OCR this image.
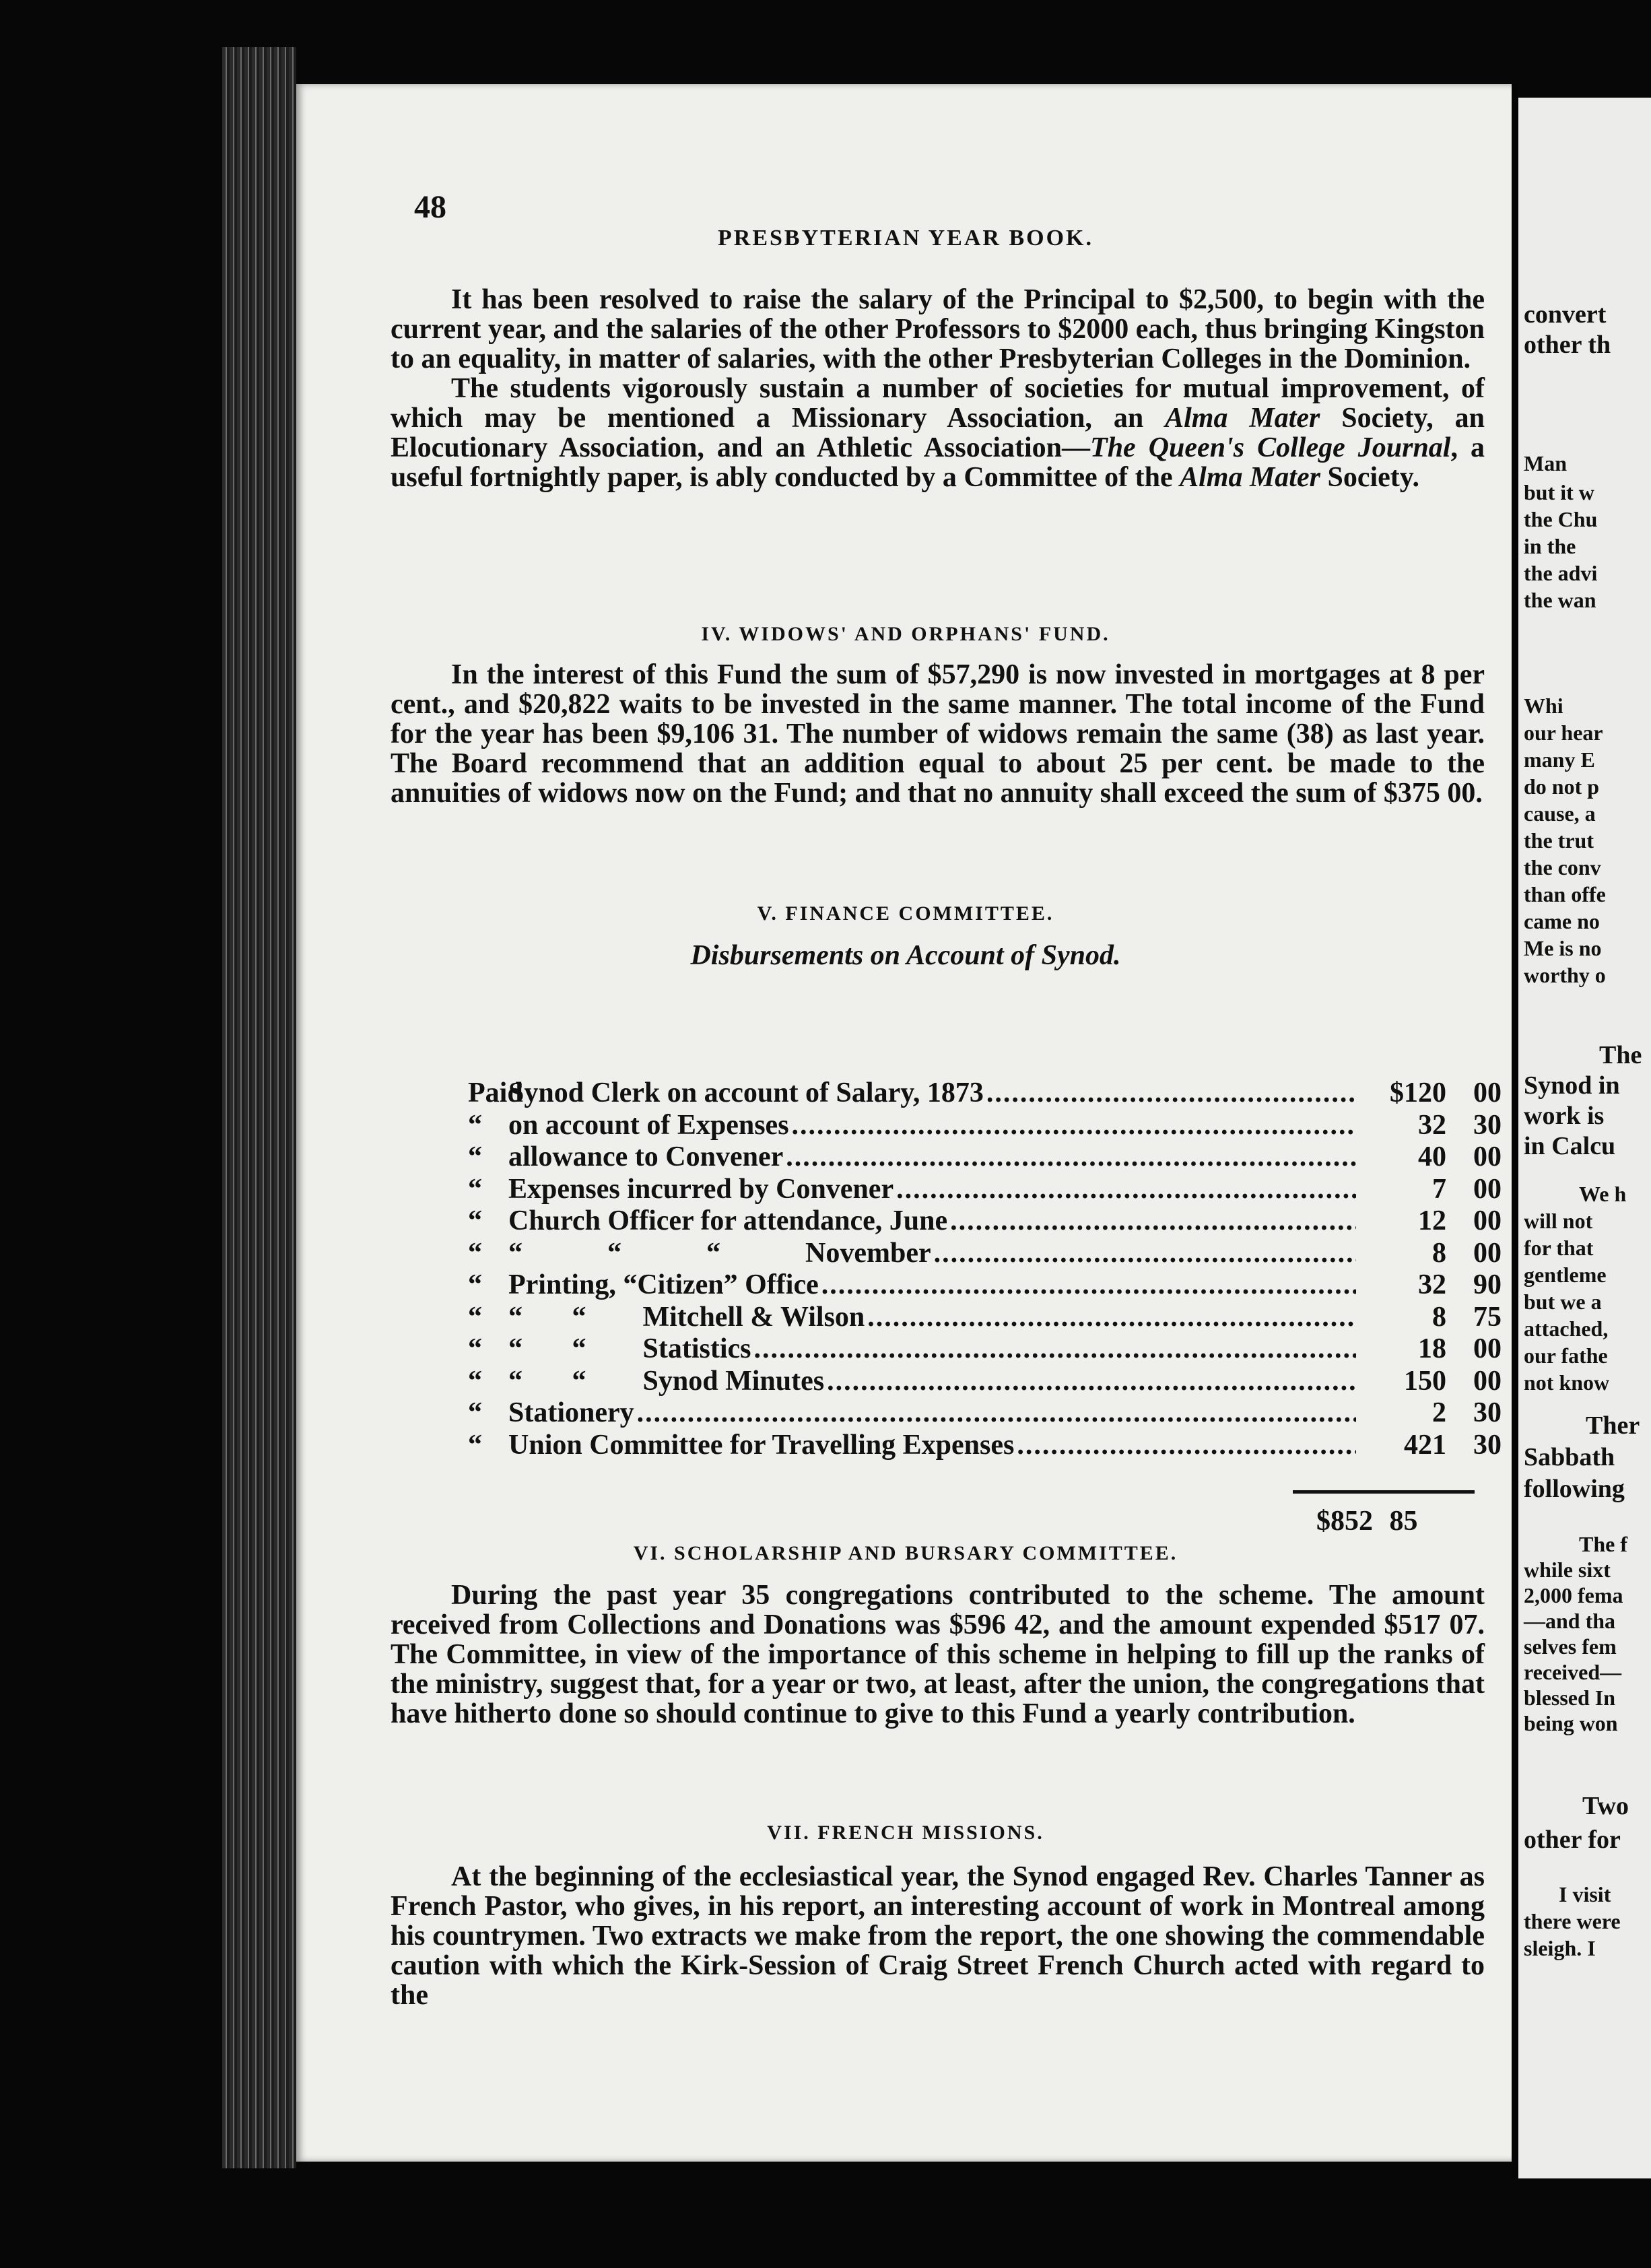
48
PRESBYTERIAN YEAR BOOK.

It has been resolved to raise the salary of the Principal to $2,500, to begin with the current year, and the salaries of the other Professors to $2000 each, thus bringing Kingston to an equality, in matter of salaries, with the other Presbyterian Colleges in the Dominion.

The students vigorously sustain a number of societies for mutual improvement, of which may be mentioned a Missionary Association, an Alma Mater Society, an Elocutionary Association, and an Athletic Association—The Queen's College Journal, a useful fortnightly paper, is ably conducted by a Committee of the Alma Mater Society.

IV. WIDOWS' AND ORPHANS' FUND.

In the interest of this Fund the sum of $57,290 is now invested in mortgages at 8 per cent., and $20,822 waits to be invested in the same manner. The total income of the Fund for the year has been $9,106 31. The number of widows remain the same (38) as last year. The Board recommend that an addition equal to about 25 per cent. be made to the annuities of widows now on the Fund; and that no annuity shall exceed the sum of $375 00.

V. FINANCE COMMITTEE.
Disbursements on Account of Synod.
Paid
Synod Clerk on account of Salary, 1873 .....	$120 00
“ on account of Expenses .....	32 30
“ allowance to Convener .....	40 00
“ Expenses incurred by Convener .....	7 00
“ Church Officer for attendance, June .....	12 00
“ “            “            “            November .....	8 00
“ Printing, “Citizen” Office .....	32 90
“ “       “        Mitchell & Wilson .....	8 75
“ “       “        Statistics .....	18 00
“ “       “        Synod Minutes .....	150 00
“ Stationery .....	2 30
“ Union Committee for Travelling Expenses .....	421 30
$852 85
VI. SCHOLARSHIP AND BURSARY COMMITTEE.

During the past year 35 congregations contributed to the scheme. The amount received from Collections and Donations was $596 42, and the amount expended $517 07. The Committee, in view of the importance of this scheme in helping to fill up the ranks of the ministry, suggest that, for a year or two, at least, after the union, the congregations that have hitherto done so should continue to give to this Fund a yearly contribution.

VII. FRENCH MISSIONS.

At the beginning of the ecclesiastical year, the Synod engaged Rev. Charles Tanner as French Pastor, who gives, in his report, an interesting account of work in Montreal among his countrymen. Two extracts we make from the report, the one showing the commendable caution with which the Kirk-Session of Craig Street French Church acted with regard to the

convert
other th
Man
but it w
the Chu
in the
the advi
the wan
Whi
our hear
many E
do not p
cause, a
the trut
the conv
than offe
came no
Me is no
worthy o
The
Synod in
work is
in Calcu
We h
will not
for that
gentleme
but we a
attached,
our fathe
not know
Ther
Sabbath
following
The f
while sixt
2,000 fema
—and tha
selves fem
received—
blessed In
being won
Two
other for
I visit
there were
sleigh. I
